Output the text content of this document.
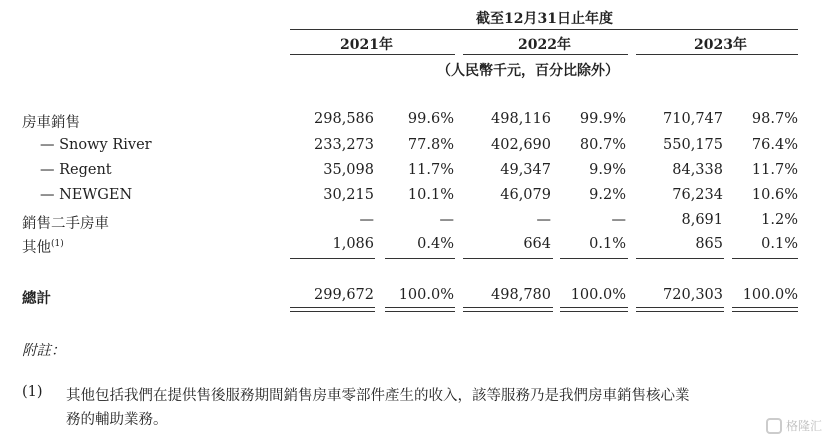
截至12月31日止年度
2021年	2022年	2023年
（人民幣千元，百分比除外）
房車銷售	298,586 99.6%	498,116 99.9%	710,747 98.7%
— Snowy River	233,273 77.8%	402,690 80.7%	550,175 76.4%
— Regent	35,098 11.7%	49,347	9.9%	84,338 11.7%
— NEWGEN	30,215 10.1%	46,079	9.2%	76,234 10.6%
銷售二手房車	—	—	—	—	8,691	1.2%
其他$^{(1)}$	1,086	0.4%	664	0.1%	865	0.1%
總計	299,672 100.0%	498,780 100.0%	720,303 100.0%
附註：
(1) 其他包括我們在提供售後服務期間銷售房車零部件產生的收入，該等服務乃是我們房車銷售核心業
務的輔助業務。	格隆汇
